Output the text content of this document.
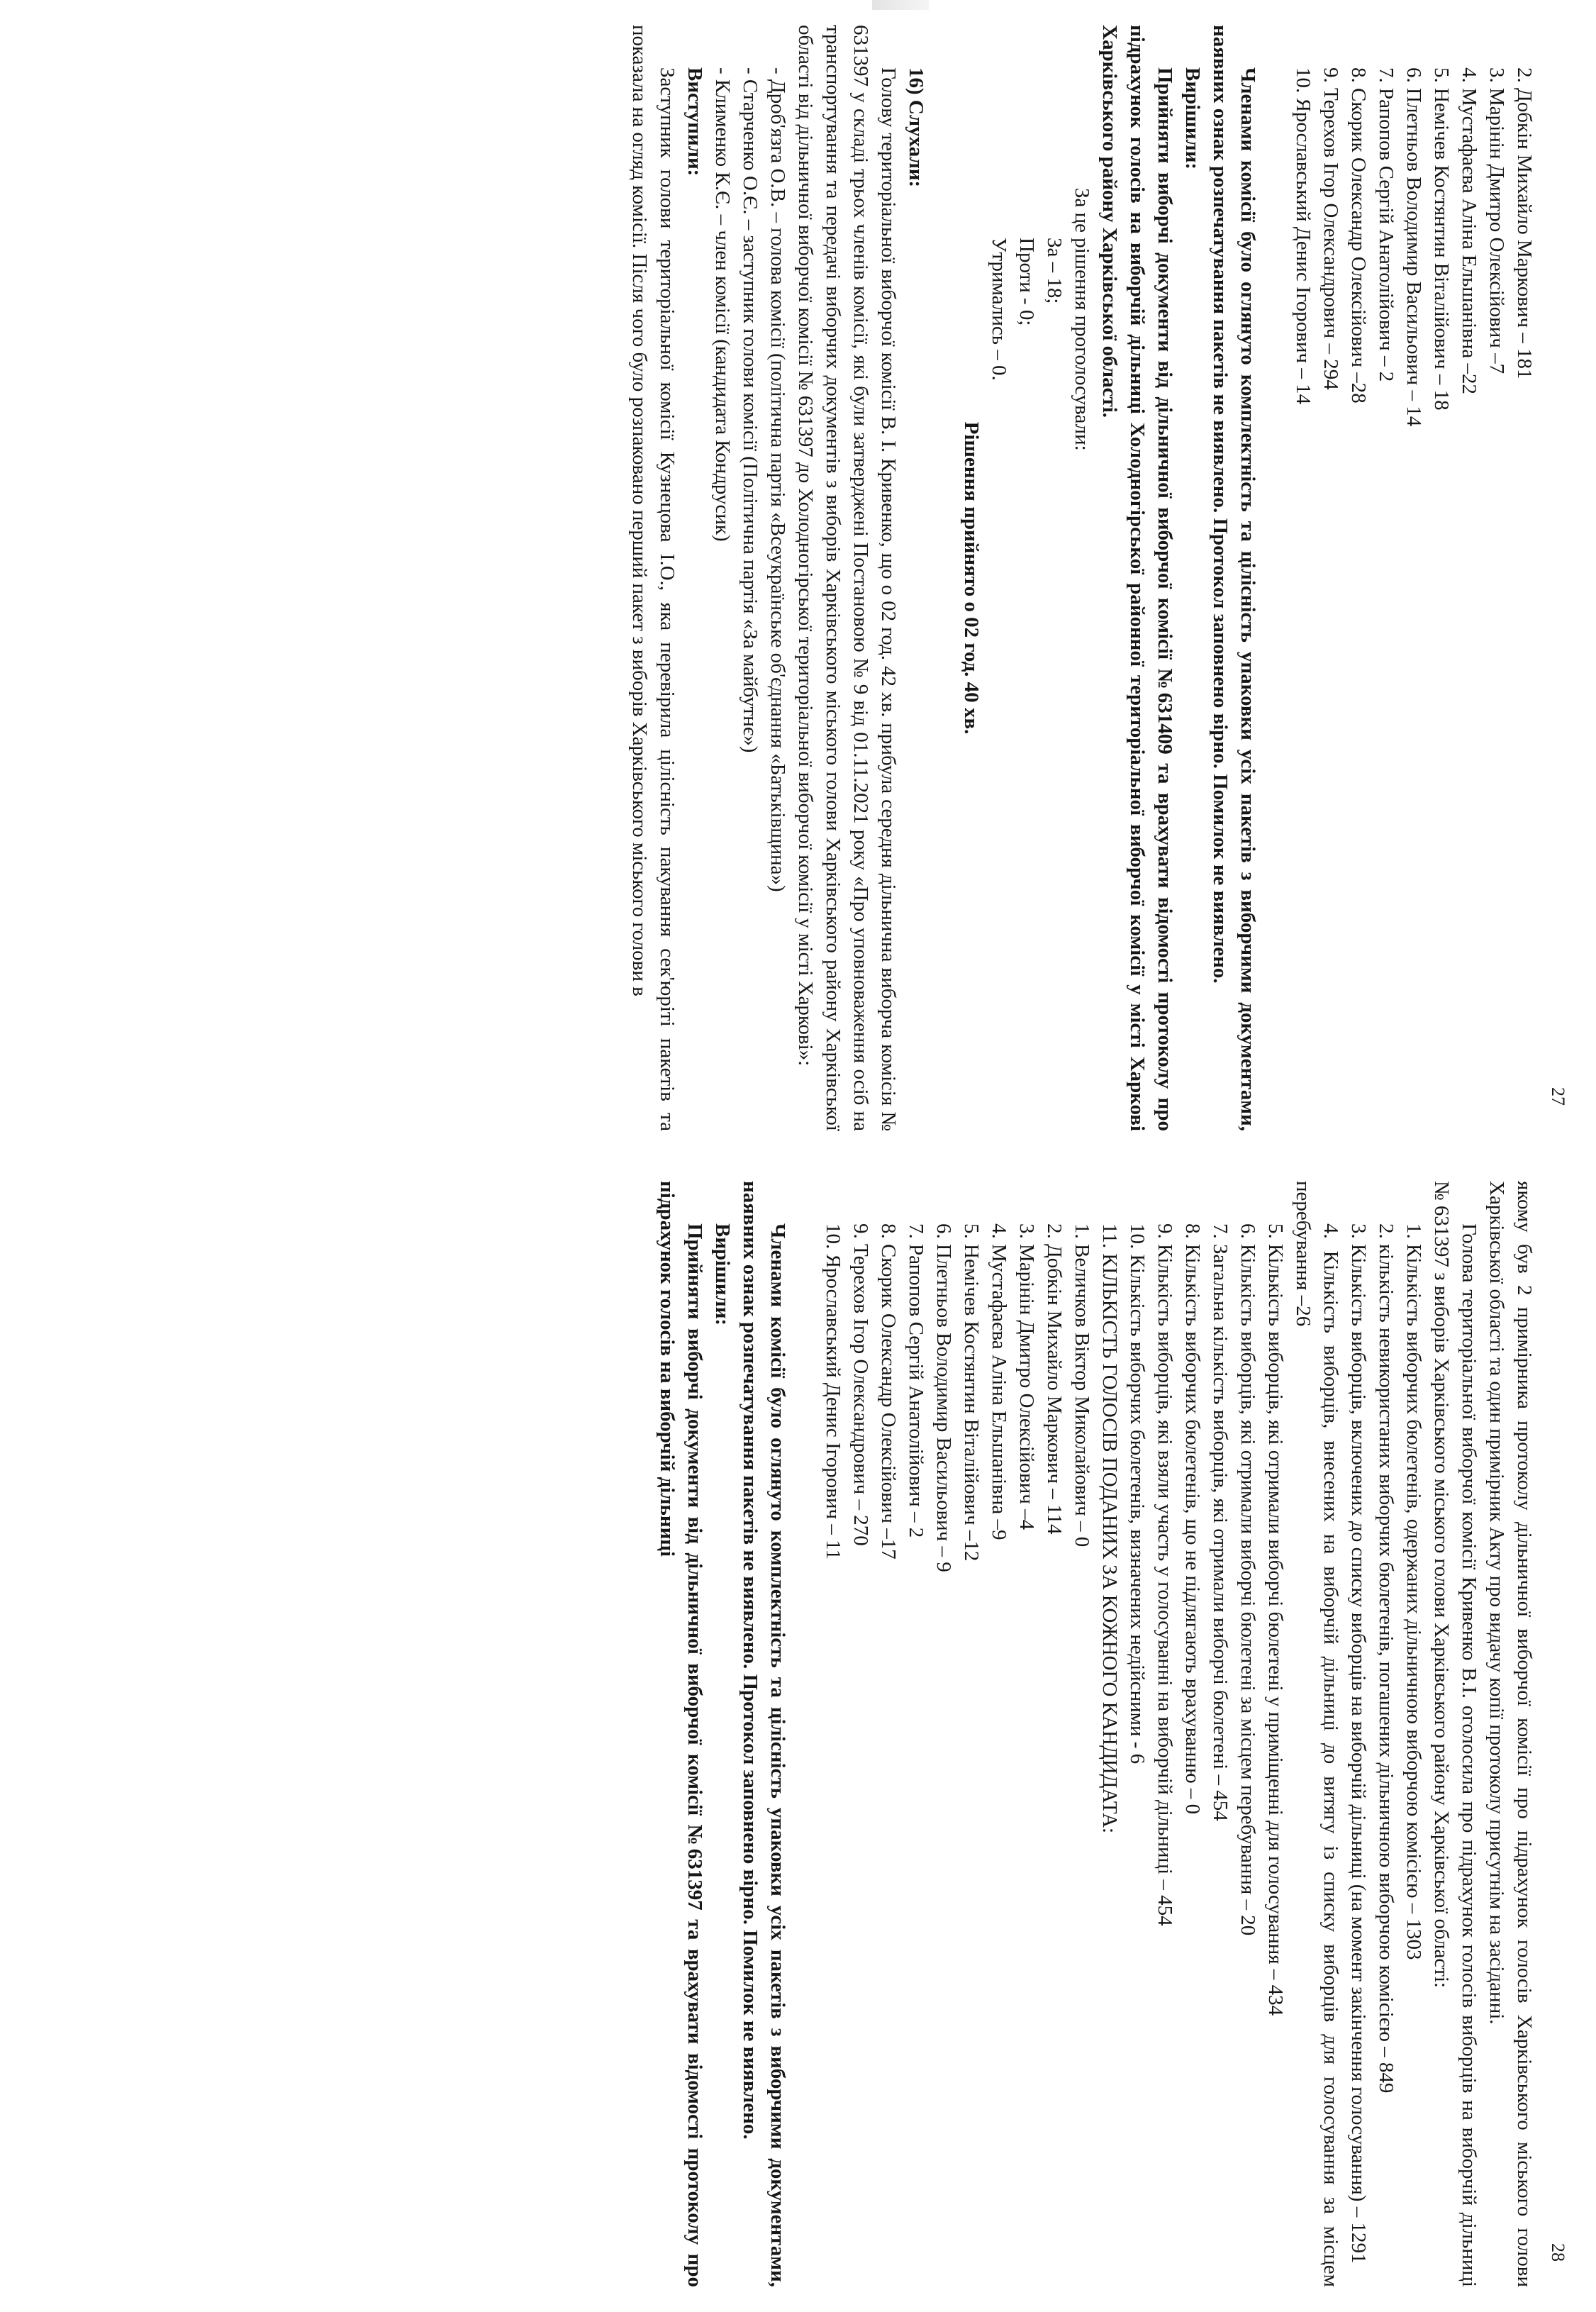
27
2. Добкін Михайло Маркович – 181
3. Марінін Дмитро Олексійович –7
4. Мустафаєва Аліна Ельшанівна –22
5. Немічев Костянтин Віталійович – 18
6. Плетньов Володимир Васильович – 14
7. Рапопов Сергій Анатолійович – 2
8. Скорик Олександр Олексійович –28
9. Терехов Ігор Олександрович – 294
10. Ярославський Денис Ігорович – 14

Членами комісії було оглянуто комплектність та цілісність упаковки усіх пакетів з виборчими документами, наявних ознак розпечатування пакетів не виявлено. Протокол заповнено вірно. Помилок не виявлено.

Вирішили:

Прийняти виборчі документи від дільничної виборчої комісії №631409 та врахувати відомості протоколу про підрахунок голосів на виборчій дільниці Холодногірської районної територіальної виборчої комісії у місті Харкові Харківського району Харківської області.

За це рішення проголосували:
За – 18;
Проти - 0;
Утримались – 0.
Рішення прийнято о 02 год. 40 хв.
16) Слухали:

Голову територіальної виборчої комісії В. І. Кривенко, що о 02 год. 42 хв. прибула середня дільнична виборча комісія № 631397 у складі трьох членів комісії, які були затверджені Постановою № 9 від 01.11.2021 року «Про уповноваження осіб на транспортування та передачі виборчих документів з виборів Харківського міського голови Харківського району Харківської області від дільничної виборчої комісії № 631397 до Холодногірської територіальної виборчої комісії у місті Харкові»:

- Дроб'язга О.В. – голова комісії (політична партія «Всеукраїнське об'єднання «Батьківщина»)

- Старченко О.Є. – заступник голови комісії (Політична партія «За майбутнє»)

- Клименко К.Є. – член комісії (кандидата Кондрусик)

Виступили:

Заступник голови територіальної комісії Кузнецова І.О., яка перевірила цілісність пакування сек'юріті пакетів та показала на огляд комісії. Після чого було розпаковано перший пакет з виборів Харківського міського голови в

28

якому був 2 примірника протоколу дільничної виборчої комісії про підрахунок голосів Харківського міського голови Харківської області та один примірник Акту про видачу копії протоколу присутнім на засіданні.

Голова територіальної виборчої комісії Кривенко В.І. оголосила про підрахунок голосів виборців на виборчій дільниці № 631397 з виборів Харківського міського голови Харківського району Харківської області:

1. Кількість виборчих бюлетенів, одержаних дільничною виборчою комісією – 1303

2. кількість невикористаних виборчих бюлетенів, погашених дільничною виборчою комісією – 849

3. Кількість виборців, включених до списку виборців на виборчій дільниці (на момент закінчення голосування) – 1291

4. Кількість виборців, внесених на виборчій дільниці до витягу із списку виборців для голосування за місцем перебування –26

5. Кількість виборців, які отримали виборчі бюлетені у приміщенні для голосування – 434

6. Кількість виборців, які отримали виборчі бюлетені за місцем перебування – 20

7. Загальна кількість виборців, які отримали виборчі бюлетені – 454

8. Кількість виборчих бюлетенів, що не підлягають врахуванню – 0

9. Кількість виборців, які взяли участь у голосуванні на виборчій дільниці – 454

10. Кількість виборчих бюлетенів, визначених недійсними - 6

11. КІЛЬКІСТЬ ГОЛОСІВ ПОДАНИХ ЗА КОЖНОГО КАНДИДАТА:
1. Величков Віктор Миколайович – 0
2. Добкін Михайло Маркович – 114
3. Марінін Дмитро Олексійович –4
4. Мустафаєва Аліна Ельшанівна –9
5. Немічев Костянтин Віталійович –12
6. Плетньов Володимир Васильович – 9
7. Рапопов Сергій Анатолійович – 2
8. Скорик Олександр Олексійович –17
9. Терехов Ігор Олександрович – 270
10. Ярославський Денис Ігорович – 11

Членами комісії було оглянуто комплектність та цілісність упаковки усіх пакетів з виборчими документами, наявних ознак розпечатування пакетів не виявлено. Протокол заповнено вірно. Помилок не виявлено.

Вирішили:

Прийняти виборчі документи від дільничної виборчої комісії №631397 та врахувати відомості протоколу про підрахунок голосів на виборчій дільниці
